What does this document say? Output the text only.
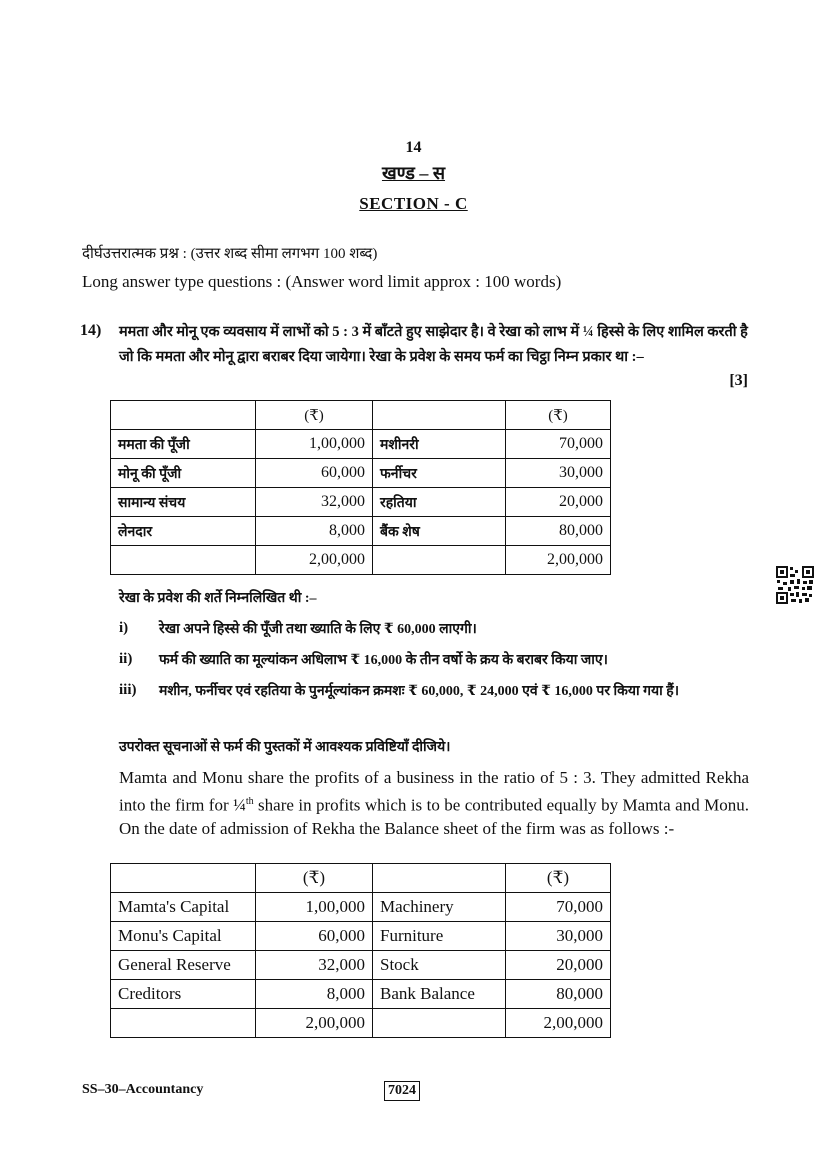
14
खण्ड – स
SECTION - C
दीर्घउत्तरात्मक प्रश्न : (उत्तर शब्द सीमा लगभग 100 शब्द)
Long answer type questions : (Answer word limit approx : 100 words)
14) ममता और मोनू एक व्यवसाय में लाभों को 5 : 3 में बाँटते हुए साझेदार है। वे रेखा को लाभ में ¼ हिस्से के लिए शामिल करती है जो कि ममता और मोनू द्वारा बराबर दिया जायेगा। रेखा के प्रवेश के समय फर्म का चिट्ठा निम्न प्रकार था :–
[3]
	(₹)		(₹)
ममता की पूँजी	1,00,000	मशीनरी	70,000
मोनू की पूँजी	60,000	फर्नीचर	30,000
सामान्य संचय	32,000	रहतिया	20,000
लेनदार	8,000	बैंक शेष	80,000
	2,00,000		2,00,000
रेखा के प्रवेश की शर्ते निम्नलिखित थी :–
i) रेखा अपने हिस्से की पूँजी तथा ख्याति के लिए ₹ 60,000 लाएगी।
ii) फर्म की ख्याति का मूल्यांकन अधिलाभ ₹ 16,000 के तीन वर्षो के क्रय के बराबर किया जाए।
iii) मशीन, फर्नीचर एवं रहतिया के पुनर्मूल्यांकन क्रमशः ₹ 60,000, ₹ 24,000 एवं ₹ 16,000 पर किया गया हैं।
उपरोक्त सूचनाओं से फर्म की पुस्तकों में आवश्यक प्रविष्टियाँ दीजिये।
Mamta and Monu share the profits of a business in the ratio of 5 : 3. They admitted Rekha into the firm for ¼$^{th}$ share in profits which is to be contributed equally by Mamta and Monu. On the date of admission of Rekha the Balance sheet of the firm was as follows :-
	(₹)		(₹)
Mamta's Capital	1,00,000	Machinery	70,000
Monu's Capital	60,000	Furniture	30,000
General Reserve	32,000	Stock	20,000
Creditors	8,000	Bank Balance	80,000
	2,00,000		2,00,000
SS–30–Accountancy	7024
